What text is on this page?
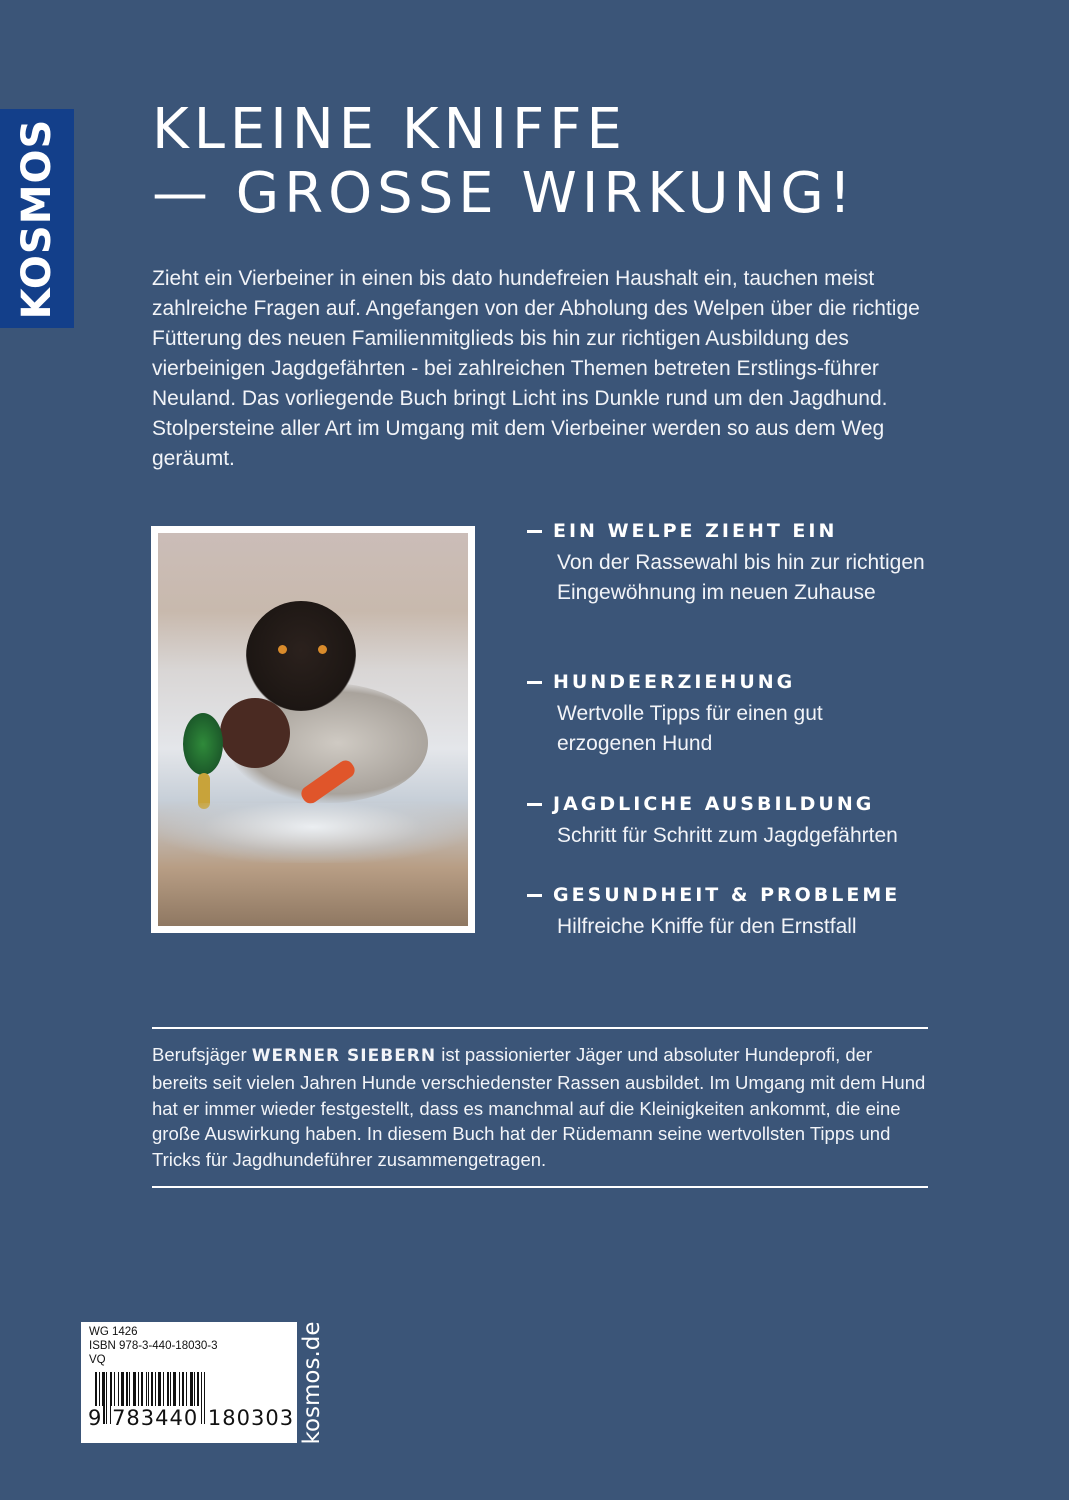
KOSMOS KLEINE KNIFFE
— GROSSE WIRKUNG!

Zieht ein Vierbeiner in einen bis dato hundefreien Haushalt ein, tauchen meist zahlreiche Fragen auf. Angefangen von der Abholung des Welpen über die richtige Fütterung des neuen Familienmitglieds bis hin zur richtigen Ausbildung des vierbeinigen Jagdgefährten - bei zahlreichen Themen betreten Erstlings-führer Neuland. Das vorliegende Buch bringt Licht ins Dunkle rund um den Jagdhund. Stolpersteine aller Art im Umgang mit dem Vierbeiner werden so aus dem Weg geräumt.

EIN WELPE ZIEHT EIN
Von der Rassewahl bis hin zur richtigen Eingewöhnung im neuen Zuhause
HUNDEERZIEHUNG
Wertvolle Tipps für einen gut erzogenen Hund
JAGDLICHE AUSBILDUNG
Schritt für Schritt zum Jagdgefährten
GESUNDHEIT & PROBLEME
Hilfreiche Kniffe für den Ernstfall

Berufsjäger WERNER SIEBERN ist passionierter Jäger und absoluter Hundeprofi, der bereits seit vielen Jahren Hunde verschiedenster Rassen ausbildet. Im Umgang mit dem Hund hat er immer wieder festgestellt, dass es manchmal auf die Kleinigkeiten ankommt, die eine große Auswirkung haben. In diesem Buch hat der Rüdemann seine wertvollsten Tipps und Tricks für Jagdhundeführer zusammengetragen.

WG 1426
ISBN 978-3-440-18030-3
VQ
9 783440 180303 kosmos.de
